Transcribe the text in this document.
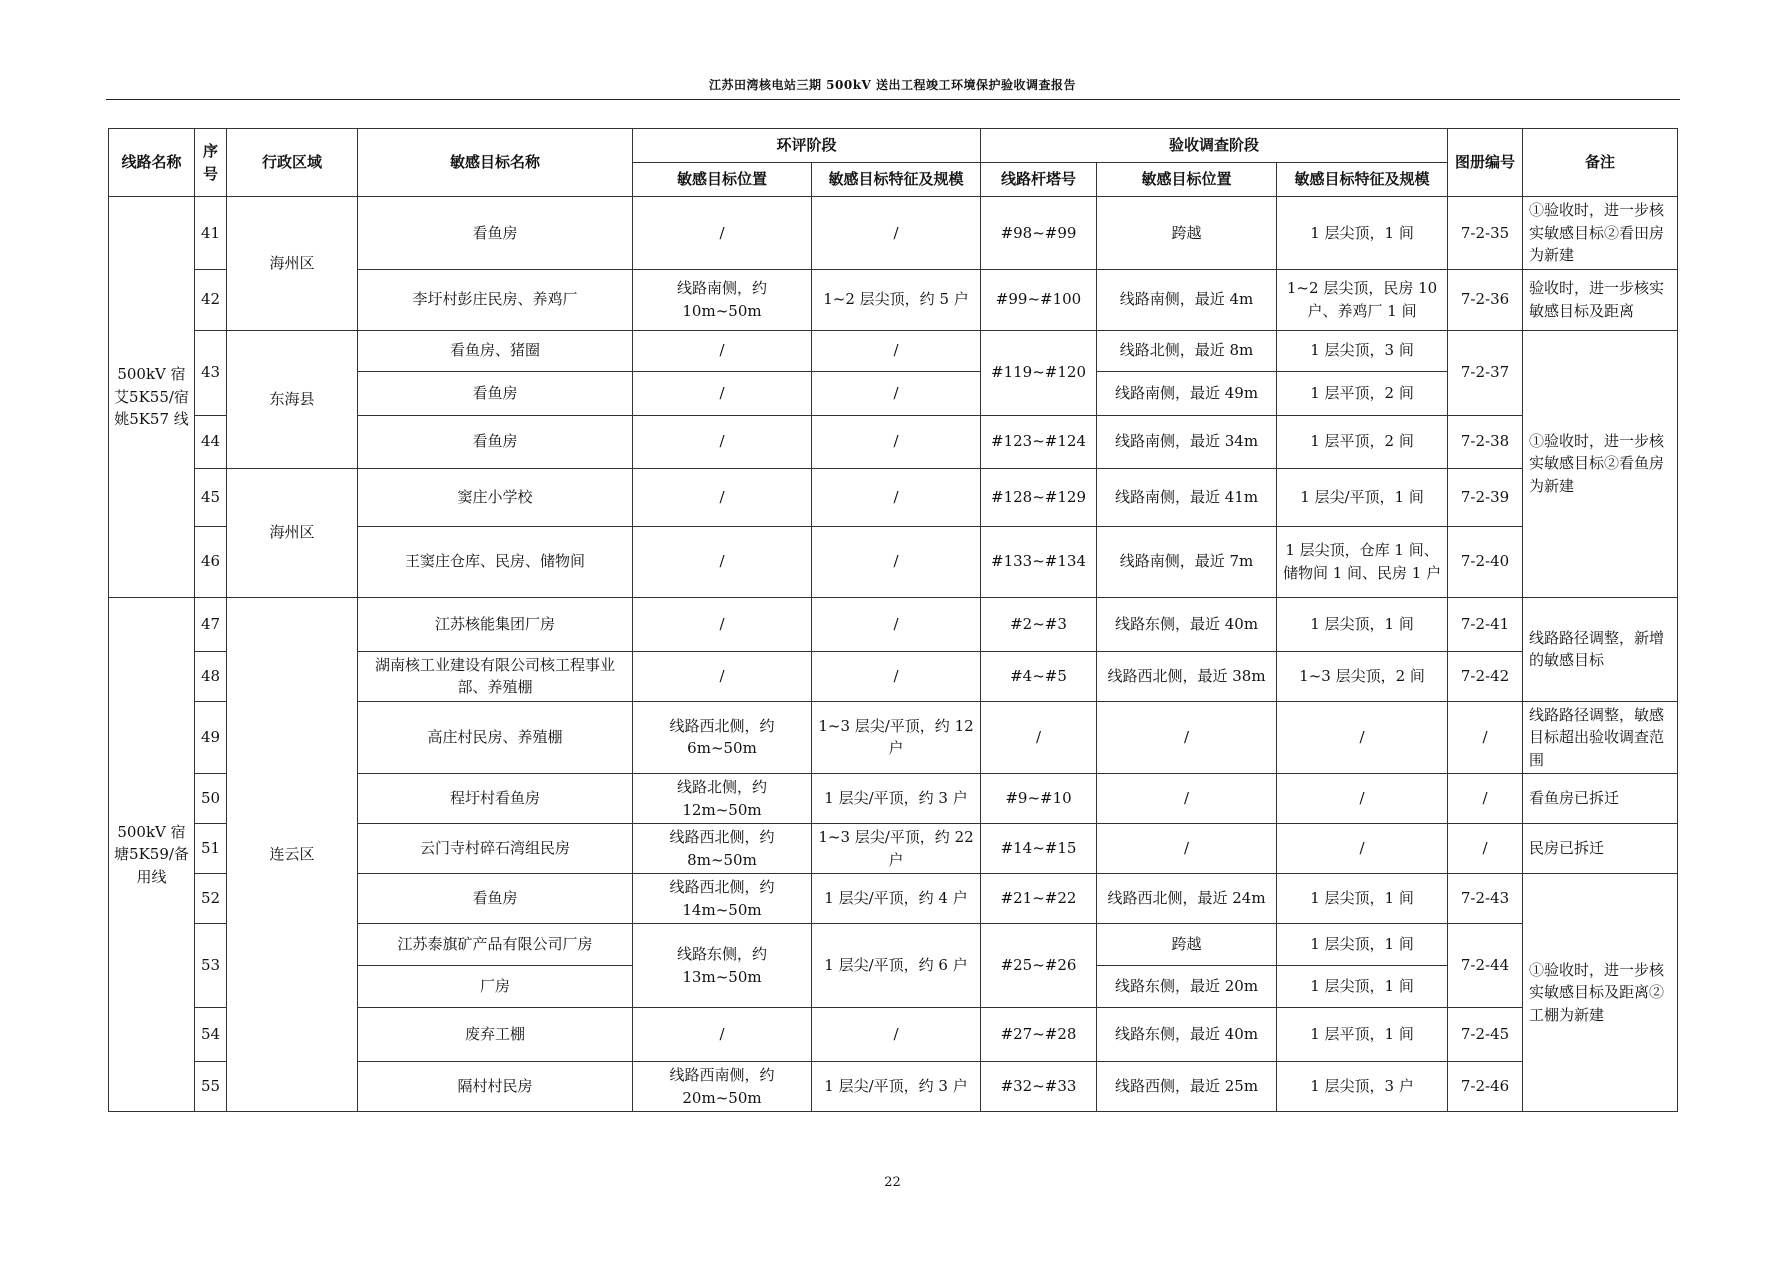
江苏田湾核电站三期 500kV 送出工程竣工环境保护验收调查报告
线路名称	序号	行政区域	敏感目标名称	环评阶段		验收调查阶段			图册编号	备注
				敏感目标位置	敏感目标特征及规模	线路杆塔号	敏感目标位置	敏感目标特征及规模		
500kV 宿艾5K55/宿姚5K57 线	41	海州区	看鱼房	/	/	#98~#99	跨越	1 层尖顶，1 间	7-2-35	①验收时，进一步核实敏感目标②看田房为新建
	42		李圩村彭庄民房、养鸡厂	线路南侧，约 10m~50m	1~2 层尖顶，约 5 户	#99~#100	线路南侧，最近 4m	1~2 层尖顶，民房 10 户、养鸡厂 1 间	7-2-36	验收时，进一步核实敏感目标及距离
	43	东海县	看鱼房、猪圈	/	/	#119~#120	线路北侧，最近 8m	1 层尖顶，3 间	7-2-37	①验收时，进一步核实敏感目标②看鱼房为新建
			看鱼房	/	/		线路南侧，最近 49m	1 层平顶，2 间		
	44		看鱼房	/	/	#123~#124	线路南侧，最近 34m	1 层平顶，2 间	7-2-38	
	45	海州区	窦庄小学校	/	/	#128~#129	线路南侧，最近 41m	1 层尖/平顶，1 间	7-2-39	
	46		王窦庄仓库、民房、储物间	/	/	#133~#134	线路南侧，最近 7m	1 层尖顶，仓库 1 间、储物间 1 间、民房 1 户	7-2-40	
500kV 宿塘5K59/备用线	47	连云区	江苏核能集团厂房	/	/	#2~#3	线路东侧，最近 40m	1 层尖顶，1 间	7-2-41	线路路径调整，新增的敏感目标
	48		湖南核工业建设有限公司核工程事业部、养殖棚	/	/	#4~#5	线路西北侧，最近 38m	1~3 层尖顶，2 间	7-2-42	
	49		高庄村民房、养殖棚	线路西北侧，约 6m~50m	1~3 层尖/平顶，约 12 户	/	/	/	/	线路路径调整，敏感目标超出验收调查范围
	50		程圩村看鱼房	线路北侧，约 12m~50m	1 层尖/平顶，约 3 户	#9~#10	/	/	/	看鱼房已拆迁
	51		云门寺村碎石湾组民房	线路西北侧，约 8m~50m	1~3 层尖/平顶，约 22 户	#14~#15	/	/	/	民房已拆迁
	52		看鱼房	线路西北侧，约 14m~50m	1 层尖/平顶，约 4 户	#21~#22	线路西北侧，最近 24m	1 层尖顶，1 间	7-2-43	①验收时，进一步核实敏感目标及距离②工棚为新建
	53		江苏泰旗矿产品有限公司厂房	线路东侧，约 13m~50m	1 层尖/平顶，约 6 户	#25~#26	跨越	1 层尖顶，1 间	7-2-44	
			厂房				线路东侧，最近 20m	1 层尖顶，1 间		
	54		废弃工棚	/	/	#27~#28	线路东侧，最近 40m	1 层平顶，1 间	7-2-45	
	55		隔村村民房	线路西南侧，约 20m~50m	1 层尖/平顶，约 3 户	#32~#33	线路西侧，最近 25m	1 层尖顶，3 户	7-2-46	
22
